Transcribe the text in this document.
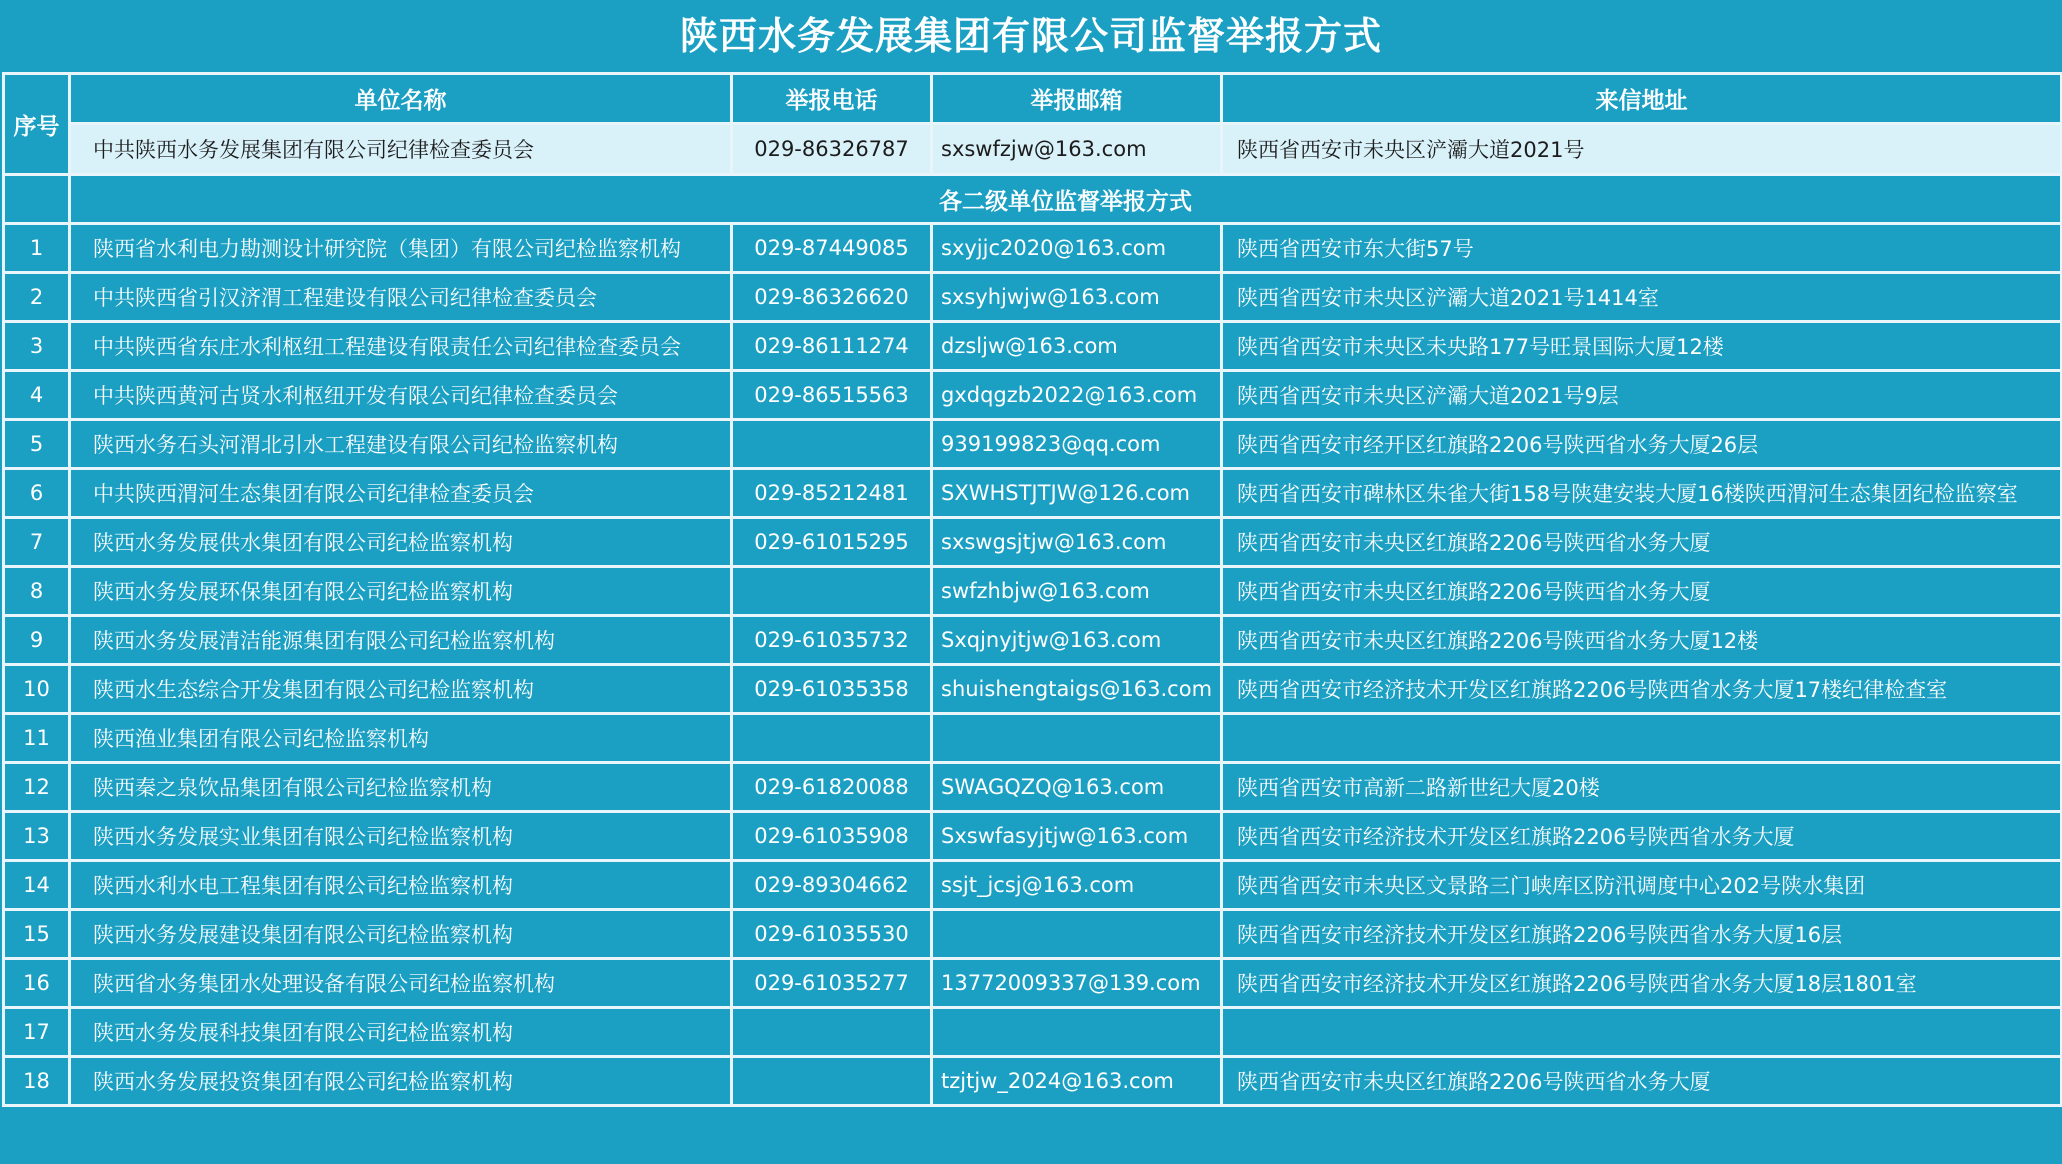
陕西水务发展集团有限公司监督举报方式
序号	单位名称	举报电话	举报邮箱	来信地址
	中共陕西水务发展集团有限公司纪律检查委员会	029-86326787	sxswfzjw@163.com	陕西省西安市未央区浐灞大道2021号
	各二级单位监督举报方式			
1	陕西省水利电力勘测设计研究院（集团）有限公司纪检监察机构	029-87449085	sxyjjc2020@163.com	陕西省西安市东大街57号
2	中共陕西省引汉济渭工程建设有限公司纪律检查委员会	029-86326620	sxsyhjwjw@163.com	陕西省西安市未央区浐灞大道2021号1414室
3	中共陕西省东庄水利枢纽工程建设有限责任公司纪律检查委员会	029-86111274	dzsljw@163.com	陕西省西安市未央区未央路177号旺景国际大厦12楼
4	中共陕西黄河古贤水利枢纽开发有限公司纪律检查委员会	029-86515563	gxdqgzb2022@163.com	陕西省西安市未央区浐灞大道2021号9层
5	陕西水务石头河渭北引水工程建设有限公司纪检监察机构		939199823@qq.com	陕西省西安市经开区红旗路2206号陕西省水务大厦26层
6	中共陕西渭河生态集团有限公司纪律检查委员会	029-85212481	SXWHSTJTJW@126.com	陕西省西安市碑林区朱雀大街158号陕建安装大厦16楼陕西渭河生态集团纪检监察室
7	陕西水务发展供水集团有限公司纪检监察机构	029-61015295	sxswgsjtjw@163.com	陕西省西安市未央区红旗路2206号陕西省水务大厦
8	陕西水务发展环保集团有限公司纪检监察机构		swfzhbjw@163.com	陕西省西安市未央区红旗路2206号陕西省水务大厦
9	陕西水务发展清洁能源集团有限公司纪检监察机构	029-61035732	Sxqjnyjtjw@163.com	陕西省西安市未央区红旗路2206号陕西省水务大厦12楼
10	陕西水生态综合开发集团有限公司纪检监察机构	029-61035358	shuishengtaigs@163.com	陕西省西安市经济技术开发区红旗路2206号陕西省水务大厦17楼纪律检查室
11	陕西渔业集团有限公司纪检监察机构			
12	陕西秦之泉饮品集团有限公司纪检监察机构	029-61820088	SWAGQZQ@163.com	陕西省西安市高新二路新世纪大厦20楼
13	陕西水务发展实业集团有限公司纪检监察机构	029-61035908	Sxswfasyjtjw@163.com	陕西省西安市经济技术开发区红旗路2206号陕西省水务大厦
14	陕西水利水电工程集团有限公司纪检监察机构	029-89304662	ssjt_jcsj@163.com	陕西省西安市未央区文景路三门峡库区防汛调度中心202号陕水集团
15	陕西水务发展建设集团有限公司纪检监察机构	029-61035530		陕西省西安市经济技术开发区红旗路2206号陕西省水务大厦16层
16	陕西省水务集团水处理设备有限公司纪检监察机构	029-61035277	13772009337@139.com	陕西省西安市经济技术开发区红旗路2206号陕西省水务大厦18层1801室
17	陕西水务发展科技集团有限公司纪检监察机构			
18	陕西水务发展投资集团有限公司纪检监察机构		tzjtjw_2024@163.com	陕西省西安市未央区红旗路2206号陕西省水务大厦
